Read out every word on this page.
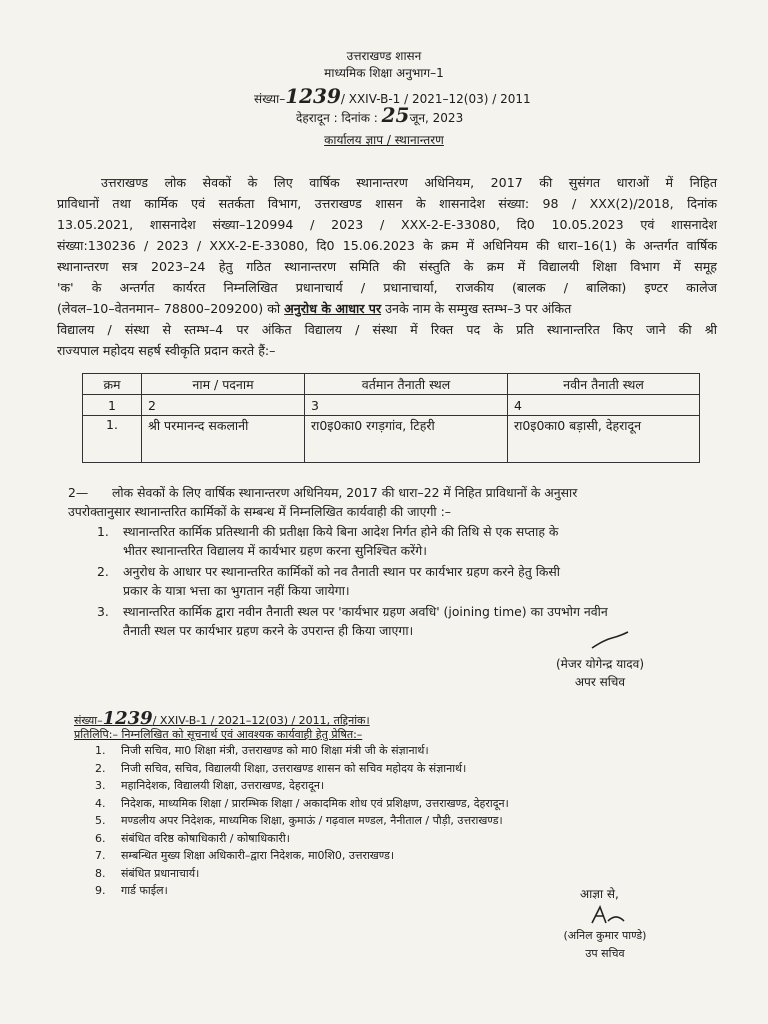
उत्तराखण्ड शासन
माध्यमिक शिक्षा अनुभाग–1
संख्या–1239/ XXIV-B-1 / 2021–12(03) / 2011
देहरादून : दिनांक : 25जून, 2023
कार्यालय ज्ञाप / स्थानान्तरण
उत्तराखण्ड लोक सेवकों के लिए वार्षिक स्थानान्तरण अधिनियम, 2017 की सुसंगत धाराओं में निहित
प्राविधानों तथा कार्मिक एवं सतर्कता विभाग, उत्तराखण्ड शासन के शासनादेश संख्या: 98 / XXX(2)/2018, दिनांक
13.05.2021, शासनादेश संख्या–120994 / 2023 / XXX-2-E-33080, दि0 10.05.2023 एवं शासनादेश
संख्या:130236 / 2023 / XXX-2-E-33080, दि0 15.06.2023 के क्रम में अधिनियम की धारा–16(1) के अन्तर्गत वार्षिक
स्थानान्तरण सत्र 2023–24 हेतु गठित स्थानान्तरण समिति की संस्तुति के क्रम में विद्यालयी शिक्षा विभाग में समूह
'क' के अन्तर्गत कार्यरत निम्नलिखित प्रधानाचार्य / प्रधानाचार्या, राजकीय (बालक / बालिका) इण्टर कालेज
(लेवल–10–वेतनमान– 78800–209200) को अनुरोध के आधार पर उनके नाम के सम्मुख स्तम्भ–3 पर अंकित
विद्यालय / संस्था से स्तम्भ–4 पर अंकित विद्यालय / संस्था में रिक्त पद के प्रति स्थानान्तरित किए जाने की श्री
राज्यपाल महोदय सहर्ष स्वीकृति प्रदान करते हैं:–
क्रम	नाम / पदनाम	वर्तमान तैनाती स्थल	नवीन तैनाती स्थल
1	2	3	4
1.	श्री परमानन्द सकलानी	रा0इ0का0 रगड़गांव, टिहरी	रा0इ0का0 बड़ासी, देहरादून
2— लोक सेवकों के लिए वार्षिक स्थानान्तरण अधिनियम, 2017 की धारा–22 में निहित प्राविधानों के अनुसार
उपरोक्तानुसार स्थानान्तरित कार्मिकों के सम्बन्ध में निम्नलिखित कार्यवाही की जाएगी :–
1. स्थानान्तरित कार्मिक प्रतिस्थानी की प्रतीक्षा किये बिना आदेश निर्गत होने की तिथि से एक सप्ताह के
भीतर स्थानान्तरित विद्यालय में कार्यभार ग्रहण करना सुनिश्चित करेंगे।
2. अनुरोध के आधार पर स्थानान्तरित कार्मिकों को नव तैनाती स्थान पर कार्यभार ग्रहण करने हेतु किसी
प्रकार के यात्रा भत्ता का भुगतान नहीं किया जायेगा।
3. स्थानान्तरित कार्मिक द्वारा नवीन तैनाती स्थल पर 'कार्यभार ग्रहण अवधि' (joining time) का उपभोग नवीन
तैनाती स्थल पर कार्यभार ग्रहण करने के उपरान्त ही किया जाएगा।
(मेजर योगेन्द्र यादव)
अपर सचिव
संख्या–1239/ XXIV-B-1 / 2021–12(03) / 2011, तद्दिनांक।
प्रतिलिपि:– निम्नलिखित को सूचनार्थ एवं आवश्यक कार्यवाही हेतु प्रेषित:–
1. निजी सचिव, मा0 शिक्षा मंत्री, उत्तराखण्ड को मा0 शिक्षा मंत्री जी के संज्ञानार्थ।
2. निजी सचिव, सचिव, विद्यालयी शिक्षा, उत्तराखण्ड शासन को सचिव महोदय के संज्ञानार्थ।
3. महानिदेशक, विद्यालयी शिक्षा, उत्तराखण्ड, देहरादून।
4. निदेशक, माध्यमिक शिक्षा / प्रारम्भिक शिक्षा / अकादमिक शोध एवं प्रशिक्षण, उत्तराखण्ड, देहरादून।
5. मण्डलीय अपर निदेशक, माध्यमिक शिक्षा, कुमाऊं / गढ़वाल मण्डल, नैनीताल / पौड़ी, उत्तराखण्ड।
6. संबंधित वरिष्ठ कोषाधिकारी / कोषाधिकारी।
7. सम्बन्धित मुख्य शिक्षा अधिकारी–द्वारा निदेशक, मा0शि0, उत्तराखण्ड।
8. संबंधित प्रधानाचार्य।
9. गार्ड फाईल।	आज्ञा से,
(अनिल कुमार पाण्डे)
उप सचिव
